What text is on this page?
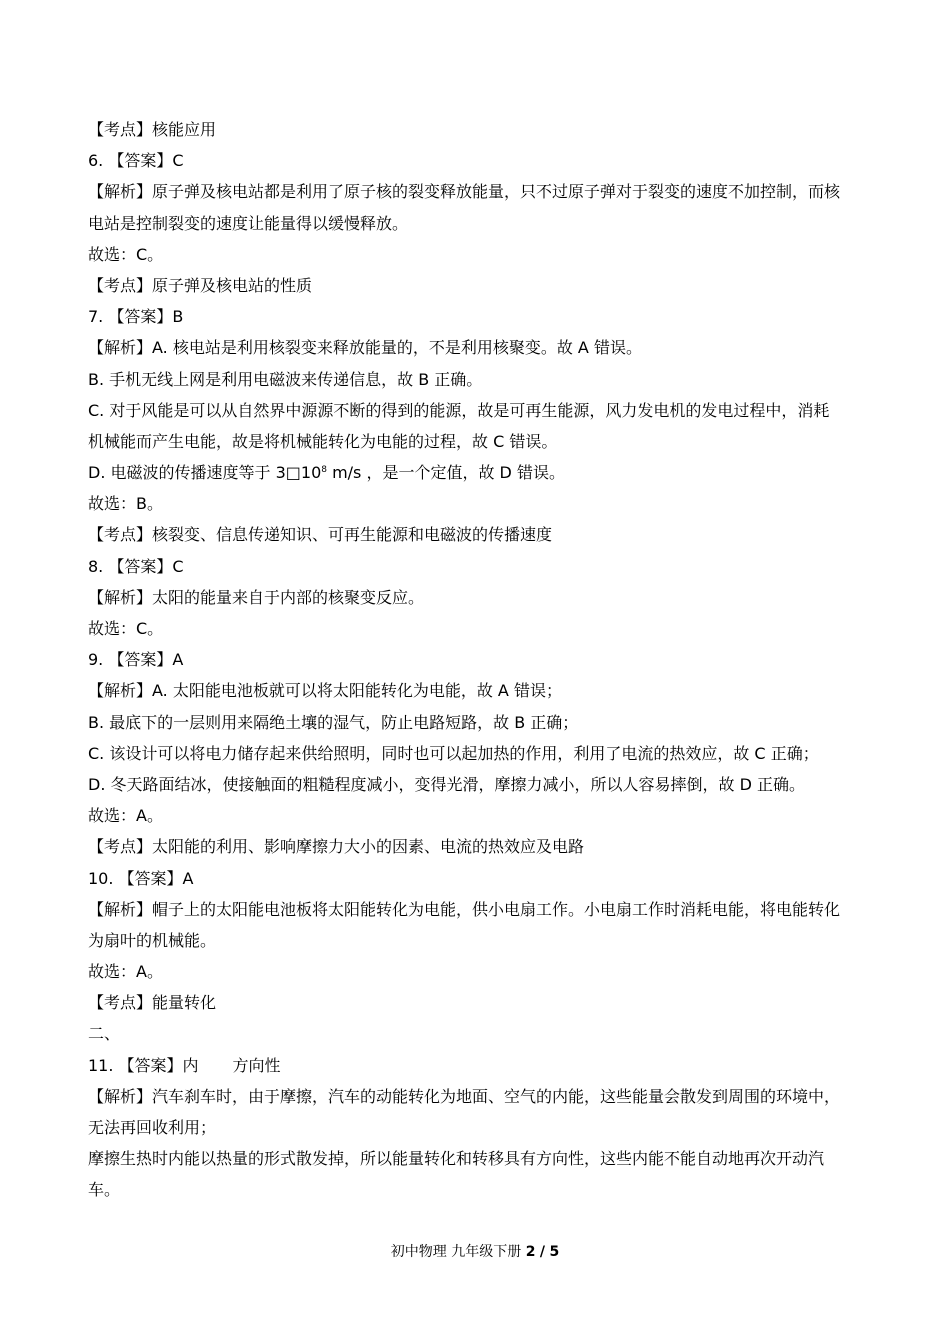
【考点】核能应用
6. 【答案】C
【解析】原子弹及核电站都是利用了原子核的裂变释放能量，只不过原子弹对于裂变的速度不加控制，而核
电站是控制裂变的速度让能量得以缓慢释放。
故选：C。
【考点】原子弹及核电站的性质
7. 【答案】B
【解析】A. 核电站是利用核裂变来释放能量的，不是利用核聚变。故 A 错误。
B. 手机无线上网是利用电磁波来传递信息，故 B 正确。
C. 对于风能是可以从自然界中源源不断的得到的能源，故是可再生能源，风力发电机的发电过程中，消耗
机械能而产生电能，故是将机械能转化为电能的过程，故 C 错误。
D. 电磁波的传播速度等于 $3□10^8$ m/s ，是一个定值，故 D 错误。
故选：B。
【考点】核裂变、信息传递知识、可再生能源和电磁波的传播速度
8. 【答案】C
【解析】太阳的能量来自于内部的核聚变反应。
故选：C。
9. 【答案】A
【解析】A. 太阳能电池板就可以将太阳能转化为电能，故 A 错误；
B. 最底下的一层则用来隔绝土壤的湿气，防止电路短路，故 B 正确；
C. 该设计可以将电力储存起来供给照明，同时也可以起加热的作用，利用了电流的热效应，故 C 正确；
D. 冬天路面结冰，使接触面的粗糙程度减小，变得光滑，摩擦力减小，所以人容易摔倒，故 D 正确。
故选：A。
【考点】太阳能的利用、影响摩擦力大小的因素、电流的热效应及电路
10. 【答案】A
【解析】帽子上的太阳能电池板将太阳能转化为电能，供小电扇工作。小电扇工作时消耗电能，将电能转化
为扇叶的机械能。
故选：A。
【考点】能量转化
二、
11. 【答案】内 方向性
【解析】汽车刹车时，由于摩擦，汽车的动能转化为地面、空气的内能，这些能量会散发到周围的环境中，
无法再回收利用；
摩擦生热时内能以热量的形式散发掉，所以能量转化和转移具有方向性，这些内能不能自动地再次开动汽
车。
初中物理 九年级下册 2 / 5
